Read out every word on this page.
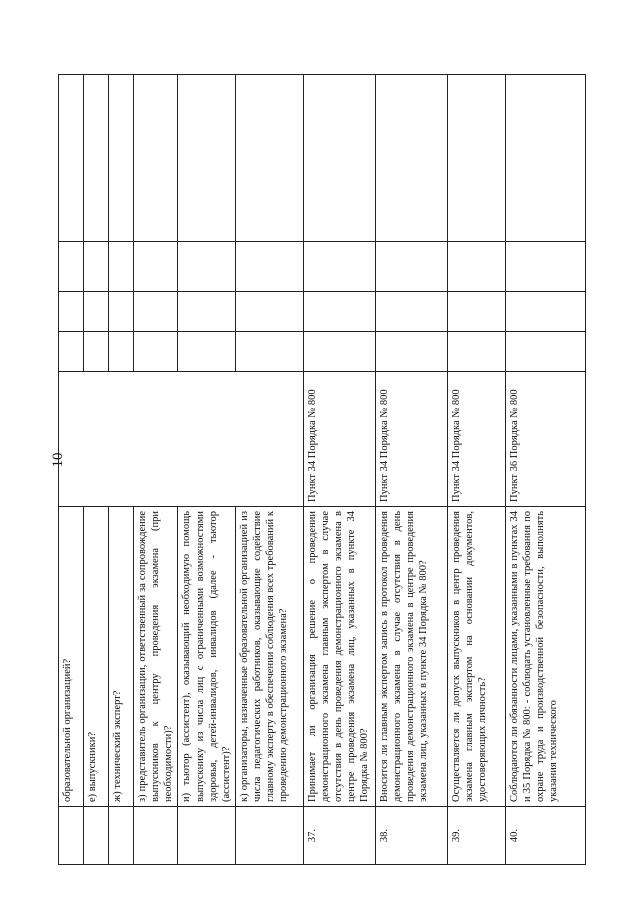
10
	образовательной организацией?					
	е) выпускники?					
	ж) технический эксперт?					
	з) представитель организации, ответственный за сопровождение выпускников к центру проведения экзамена (при необходимости)?					
	и) тьютор (ассистент), оказывающий необходимую помощь выпускнику из числа лиц с ограниченными возможностями здоровья, детей-инвалидов, инвалидов (далее - тьютор (ассистент)?					
	к) организаторы, назначенные образовательной организацией из числа педагогических работников, оказывающие содействие главному эксперту в обеспечении соблюдения всех требований к проведению демонстрационного экзамена?					
37.	Принимает ли организация решение о проведении демонстрационного экзамена главным экспертом в случае отсутствия в день проведения демонстрационного экзамена в центре проведения экзамена лиц, указанных в пункте 34 Порядка № 800?	Пункт 34 Порядка № 800				
38.	Вносится ли главным экспертом запись в протокол проведения демонстрационного экзамена в случае отсутствия в день проведения демонстрационного экзамена в центре проведения экзамена лиц, указанных в пункте 34 Порядка № 800?	Пункт 34 Порядка № 800				
39.	Осуществляется ли допуск выпускников в центр проведения экзамена главным экспертом на основании документов, удостоверяющих личность?	Пункт 34 Порядка № 800				
40.	Соблюдаются ли обязанности лицами, указанными в пунктах 34 и 35 Порядка № 800: - соблюдать установленные требования по охране труда и производственной безопасности, выполнять указания технического	Пункт 36 Порядка № 800				
